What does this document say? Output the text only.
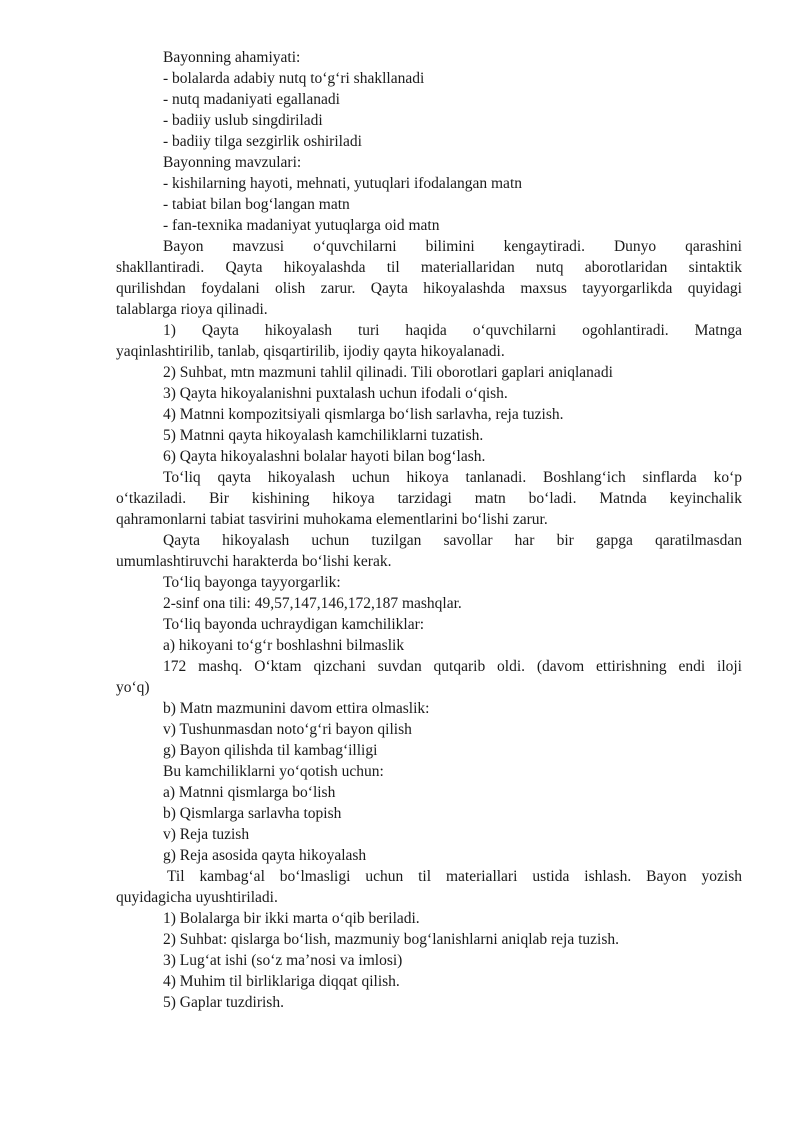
Bayonning ahamiyati:
- bolalarda adabiy nutq to‘g‘ri shakllanadi
- nutq madaniyati egallanadi
- badiiy uslub singdiriladi
- badiiy tilga sezgirlik oshiriladi
Bayonning mavzulari:
- kishilarning hayoti, mehnati, yutuqlari ifodalangan matn
- tabiat bilan bog‘langan matn
- fan-texnika madaniyat yutuqlarga oid matn
Bayon mavzusi o‘quvchilarni bilimini kengaytiradi. Dunyo qarashini
shakllantiradi. Qayta hikoyalashda til materiallaridan nutq aborotlaridan sintaktik
qurilishdan foydalani olish zarur. Qayta hikoyalashda maxsus tayyorgarlikda quyidagi
talablarga rioya qilinadi.
1) Qayta hikoyalash turi haqida o‘quvchilarni ogohlantiradi. Matnga
yaqinlashtirilib, tanlab, qisqartirilib, ijodiy qayta hikoyalanadi.
2) Suhbat, mtn mazmuni tahlil qilinadi. Tili oborotlari gaplari aniqlanadi
3) Qayta hikoyalanishni puxtalash uchun ifodali o‘qish.
4) Matnni kompozitsiyali qismlarga bo‘lish sarlavha, reja tuzish.
5) Matnni qayta hikoyalash kamchiliklarni tuzatish.
6) Qayta hikoyalashni bolalar hayoti bilan bog‘lash.
To‘liq qayta hikoyalash uchun hikoya tanlanadi. Boshlang‘ich sinflarda ko‘p
o‘tkaziladi. Bir kishining hikoya tarzidagi matn bo‘ladi. Matnda keyinchalik
qahramonlarni tabiat tasvirini muhokama elementlarini bo‘lishi zarur.
Qayta hikoyalash uchun tuzilgan savollar har bir gapga qaratilmasdan
umumlashtiruvchi harakterda bo‘lishi kerak.
To‘liq bayonga tayyorgarlik:
2-sinf ona tili: 49,57,147,146,172,187 mashqlar.
To‘liq bayonda uchraydigan kamchiliklar:
a) hikoyani to‘g‘r boshlashni bilmaslik
172 mashq. O‘ktam qizchani suvdan qutqarib oldi. (davom ettirishning endi iloji
yo‘q)
b) Matn mazmunini davom ettira olmaslik:
v) Tushunmasdan noto‘g‘ri bayon qilish
g) Bayon qilishda til kambag‘illigi
Bu kamchiliklarni yo‘qotish uchun:
a) Matnni qismlarga bo‘lish
b) Qismlarga sarlavha topish
v) Reja tuzish
g) Reja asosida qayta hikoyalash
Til kambag‘al bo‘lmasligi uchun til materiallari ustida ishlash. Bayon yozish
quyidagicha uyushtiriladi.
1) Bolalarga bir ikki marta o‘qib beriladi.
2) Suhbat: qislarga bo‘lish, mazmuniy bog‘lanishlarni aniqlab reja tuzish.
3) Lug‘at ishi (so‘z ma’nosi va imlosi)
4) Muhim til birliklariga diqqat qilish.
5) Gaplar tuzdirish.
